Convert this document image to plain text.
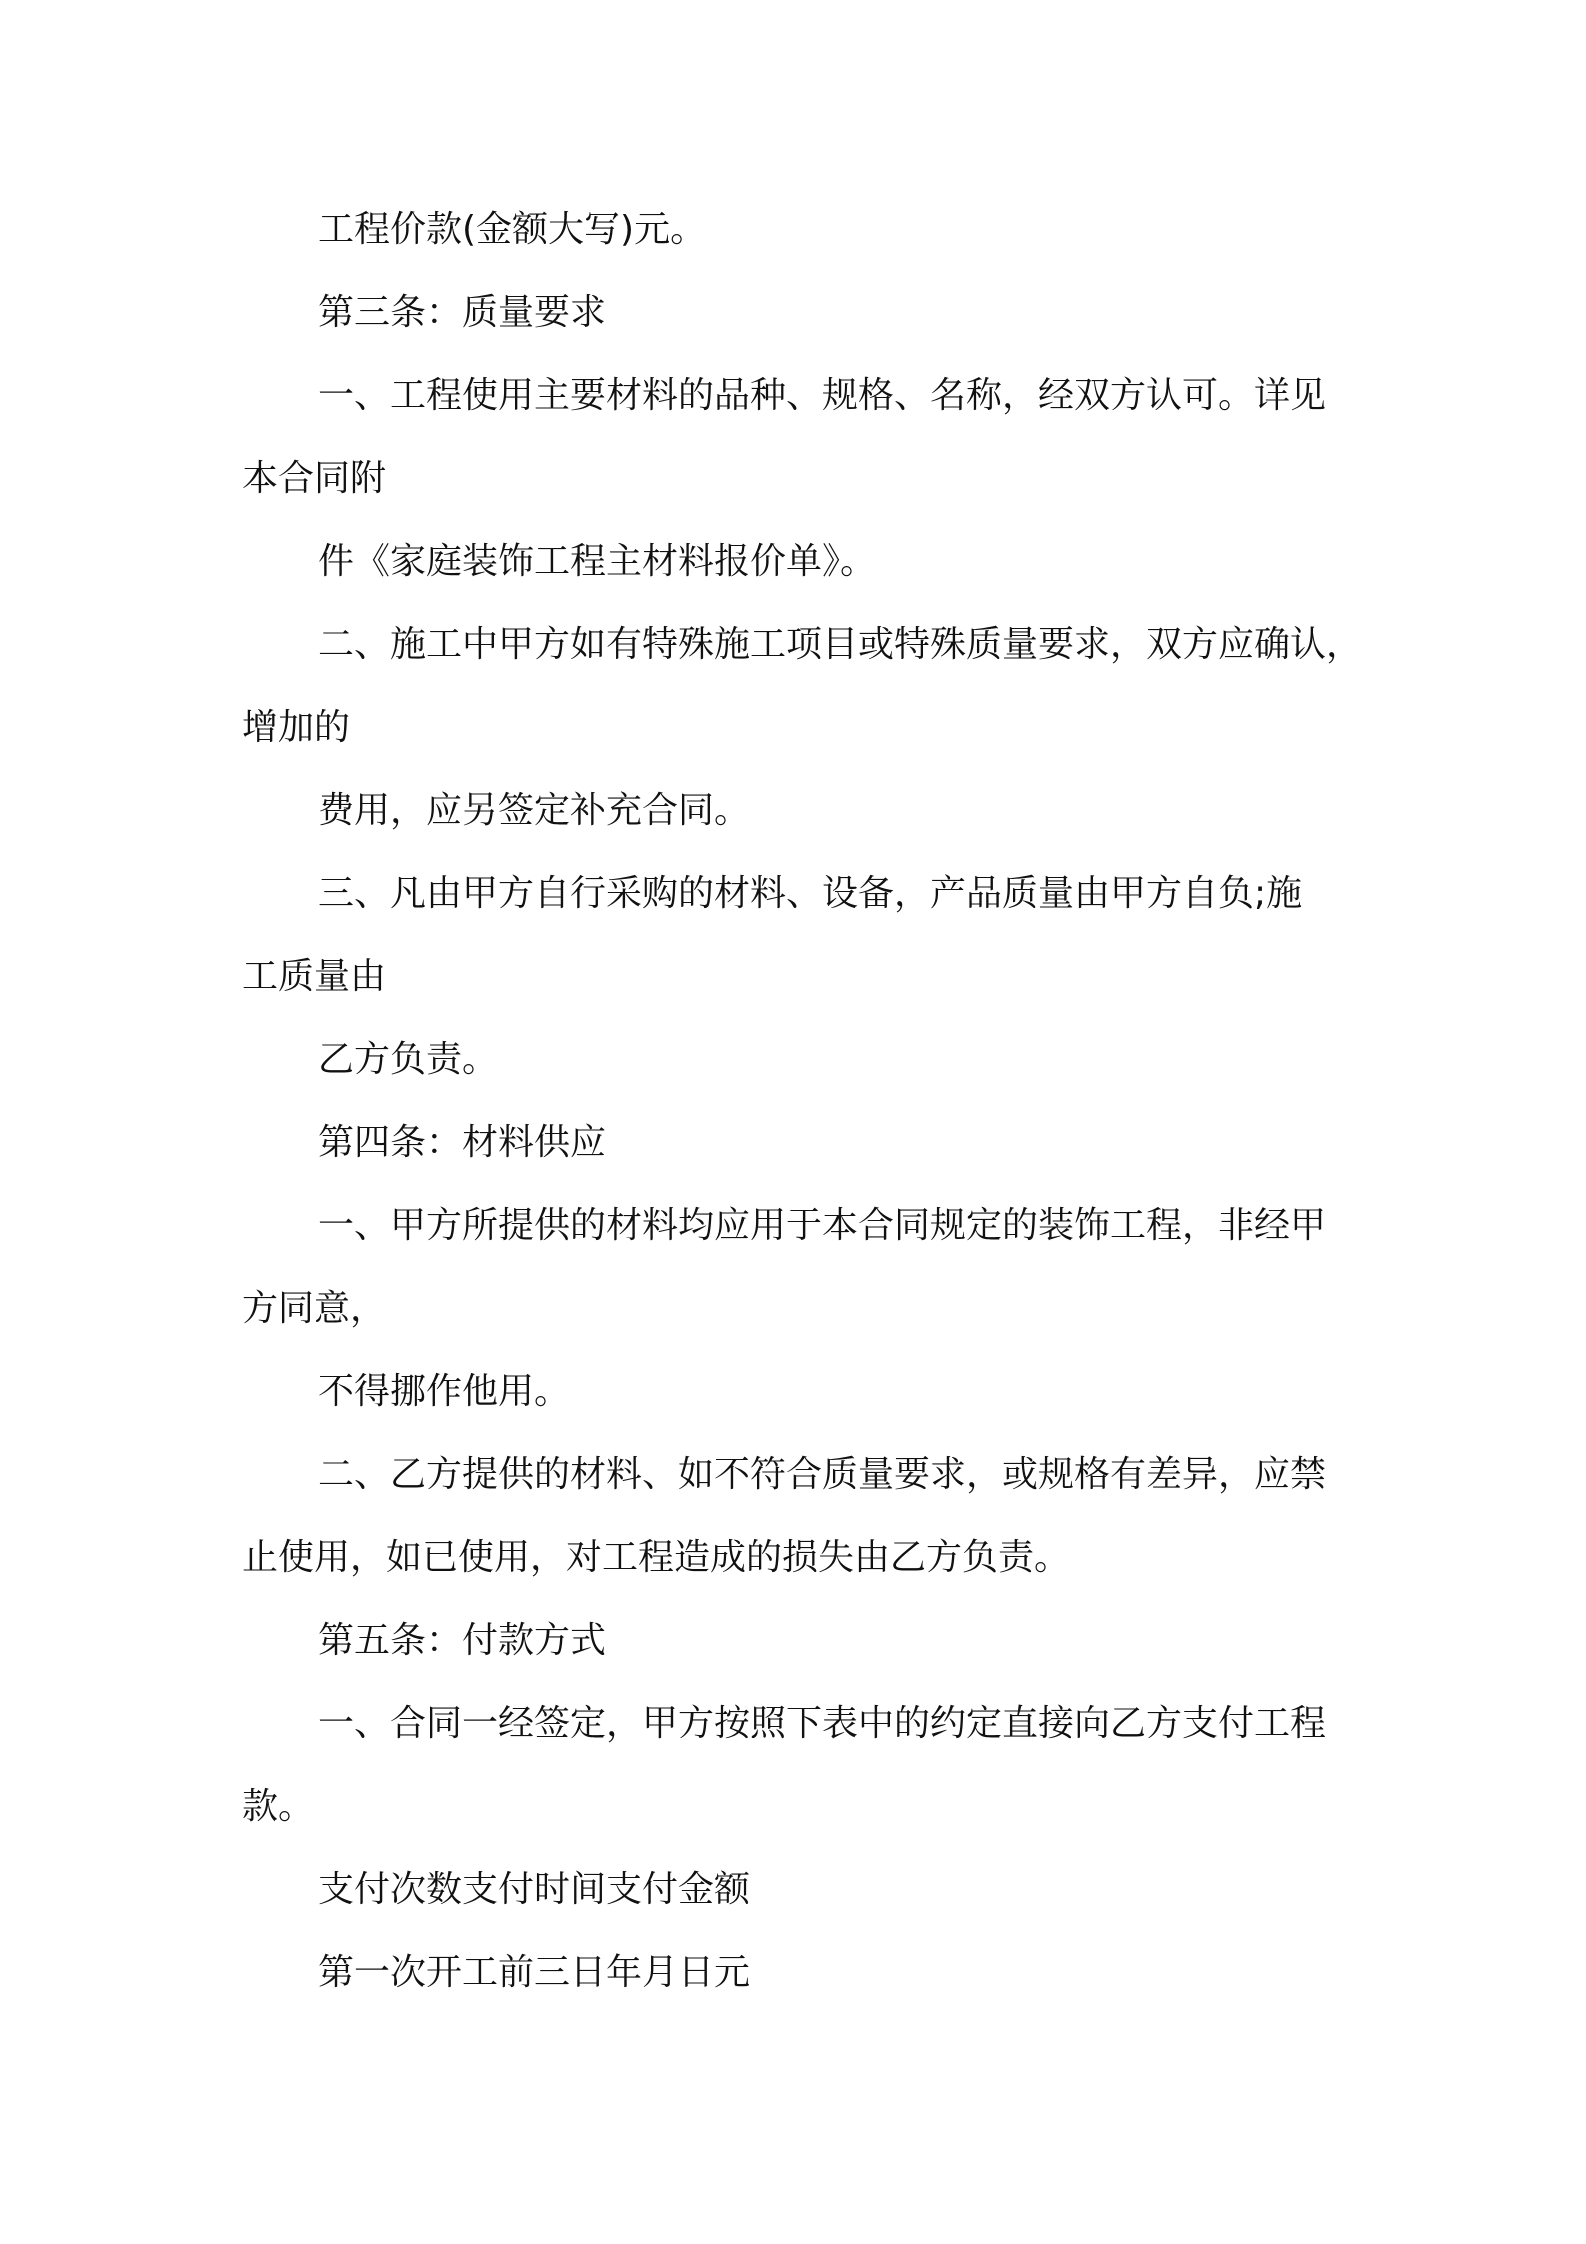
工程价款(金额大写)元。
第三条：质量要求
一、工程使用主要材料的品种、规格、名称，经双方认可。详见
本合同附
件《家庭装饰工程主材料报价单》。
二、施工中甲方如有特殊施工项目或特殊质量要求，双方应确认，
增加的
费用，应另签定补充合同。
三、凡由甲方自行采购的材料、设备，产品质量由甲方自负;施
工质量由
乙方负责。
第四条：材料供应
一、甲方所提供的材料均应用于本合同规定的装饰工程，非经甲
方同意，
不得挪作他用。
二、乙方提供的材料、如不符合质量要求，或规格有差异，应禁
止使用，如已使用，对工程造成的损失由乙方负责。
第五条：付款方式
一、合同一经签定，甲方按照下表中的约定直接向乙方支付工程
款。
支付次数支付时间支付金额
第一次开工前三日年月日元
